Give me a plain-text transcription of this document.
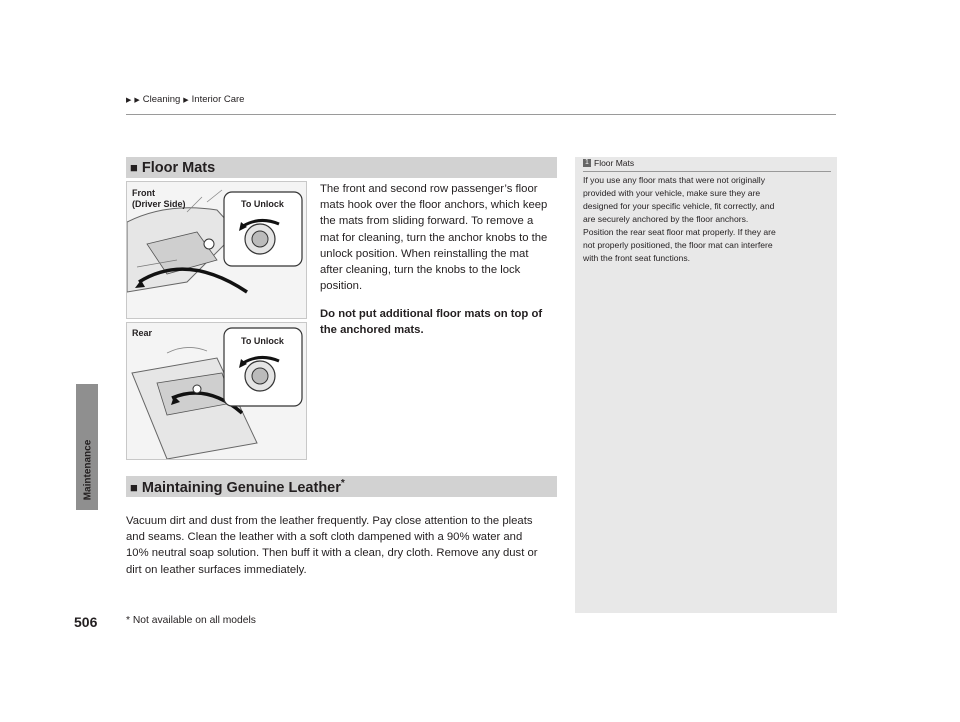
▶ ▶ Cleaning ▶ Interior Care
Maintenance
506
■ Floor Mats
Front
(Driver Side)	To Unlock
Rear
To Unlock
The front and second row passenger’s floor
mats hook over the floor anchors, which keep
the mats from sliding forward. To remove a
mat for cleaning, turn the anchor knobs to the
unlock position. When reinstalling the mat
after cleaning, turn the knobs to the lock
position.
Do not put additional floor mats on top of
the anchored mats.
■ Maintaining Genuine Leather*
Vacuum dirt and dust from the leather frequently. Pay close attention to the pleats
and seams. Clean the leather with a soft cloth dampened with a 90% water and
10% neutral soap solution. Then buff it with a clean, dry cloth. Remove any dust or
dirt on leather surfaces immediately.
1 Floor Mats
If you use any floor mats that were not originally
provided with your vehicle, make sure they are
designed for your specific vehicle, fit correctly, and
are securely anchored by the floor anchors.
Position the rear seat floor mat properly. If they are
not properly positioned, the floor mat can interfere
with the front seat functions.
* Not available on all models
